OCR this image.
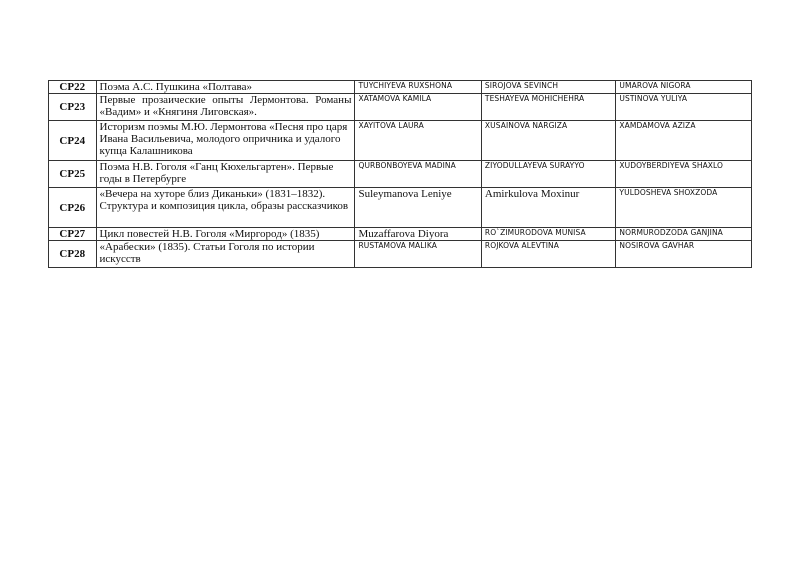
СР22	Поэма А.С. Пушкина «Полтава»	TUYCHIYEVA RUXSHONA	SIROJOVA SEVINCH	UMAROVA NIGORA
СР23	Первые прозаические опыты Лермонтова. Романы «Вадим» и «Княгиня Лиговская».	XATAMOVA KAMILA	TESHAYEVA MOHICHEHRA	USTINOVA YULIYA
СР24	Историзм поэмы М.Ю. Лермонтова «Песня про царя Ивана Васильевича, молодого опричника и удалого купца Калашникова	XAYITOVA LAURA	XUSAINOVA NARGIZA	XAMDAMOVA AZIZA
СР25	Поэма Н.В. Гоголя «Ганц Кюхельгартен». Первые годы в Петербурге	QURBONBOYEVA MADINA	ZIYODULLAYEVA SURAYYO	XUDOYBERDIYEVA SHAXLO
СР26	«Вечера на хуторе близ Диканьки» (1831–1832). Структура и композиция цикла, образы рассказчиков	Suleymanova Leniye	Amirkulova Moxinur	YULDOSHEVA SHOXZODA
СР27	Цикл повестей Н.В. Гоголя «Миргород» (1835)	Muzaffarova Diyora	RO`ZIMURODOVA MUNISA	NORMURODZODA GANJINA
СР28	«Арабески» (1835). Статьи Гоголя по истории искусств	RUSTAMOVA MALIKA	ROJKOVA ALEVTINA	NOSIROVA GAVHAR
